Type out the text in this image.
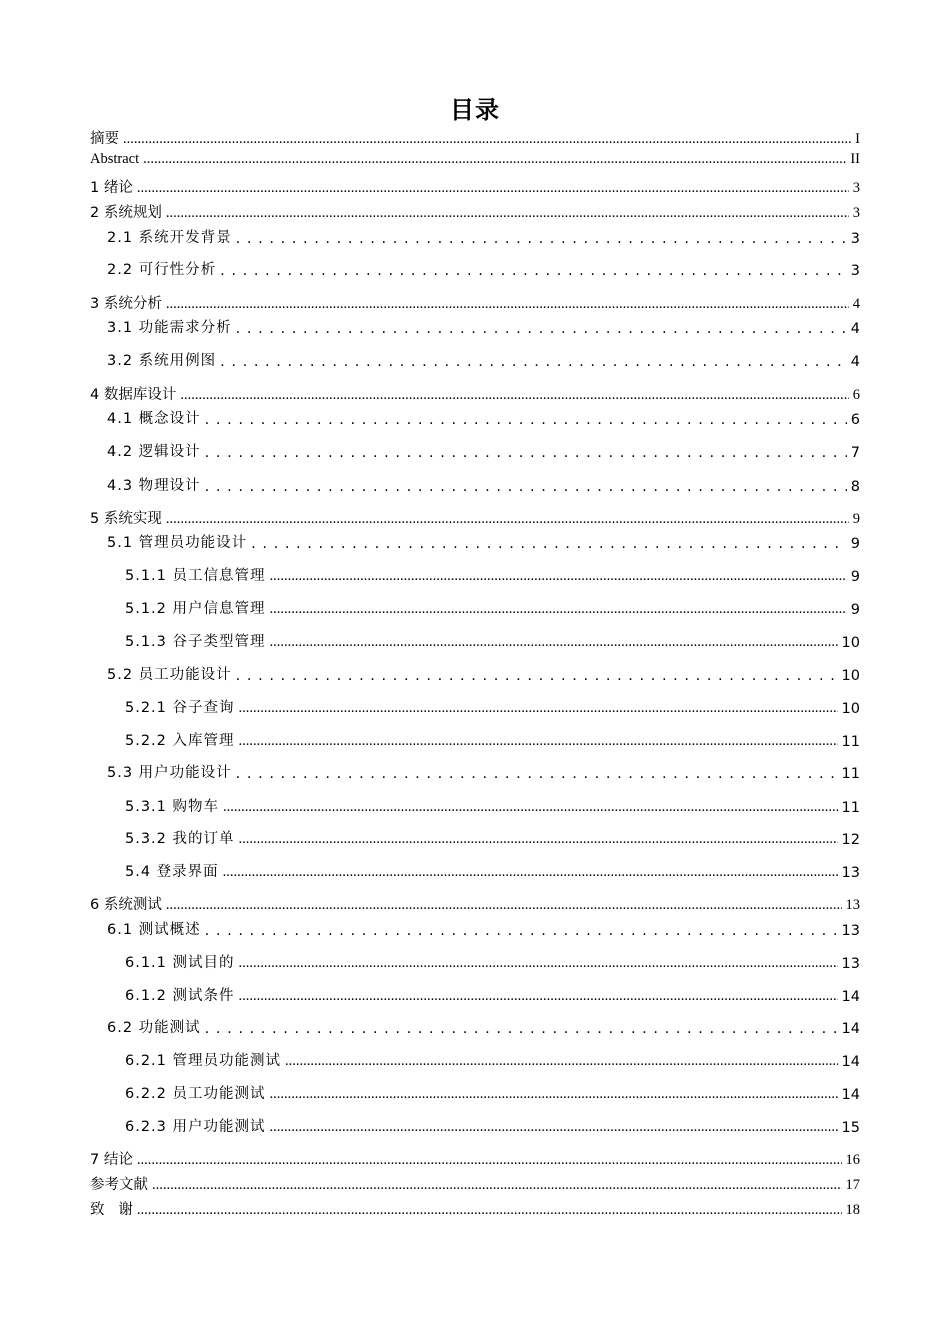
目录
摘要 .....	I
Abstract .....	II
1 绪论 .....	3
2 系统规划 .....	3
2.1 系统开发背景 . . .	3
2.2 可行性分析 . . .	3
3 系统分析 .....	4
3.1 功能需求分析 . . .	4
3.2 系统用例图 . . .	4
4 数据库设计 .....	6
4.1 概念设计 . . .	6
4.2 逻辑设计 . . .	7
4.3 物理设计 . . .	8
5 系统实现 .....	9
5.1 管理员功能设计 . . .	9
5.1.1 员工信息管理 .....	9
5.1.2 用户信息管理 .....	9
5.1.3 谷子类型管理 .....	10
5.2 员工功能设计 . . .	10
5.2.1 谷子查询 .....	10
5.2.2 入库管理 .....	11
5.3 用户功能设计 . . .	11
5.3.1 购物车 .....	11
5.3.2 我的订单 .....	12
5.4 登录界面 .....	13
6 系统测试 .....	13
6.1 测试概述 . . .	13
6.1.1 测试目的 .....	13
6.1.2 测试条件 .....	14
6.2 功能测试 . . .	14
6.2.1 管理员功能测试 .....	14
6.2.2 员工功能测试 .....	14
6.2.3 用户功能测试 .....	15
7 结论 .....	16
参考文献 .....	17
致   谢 .....	18
